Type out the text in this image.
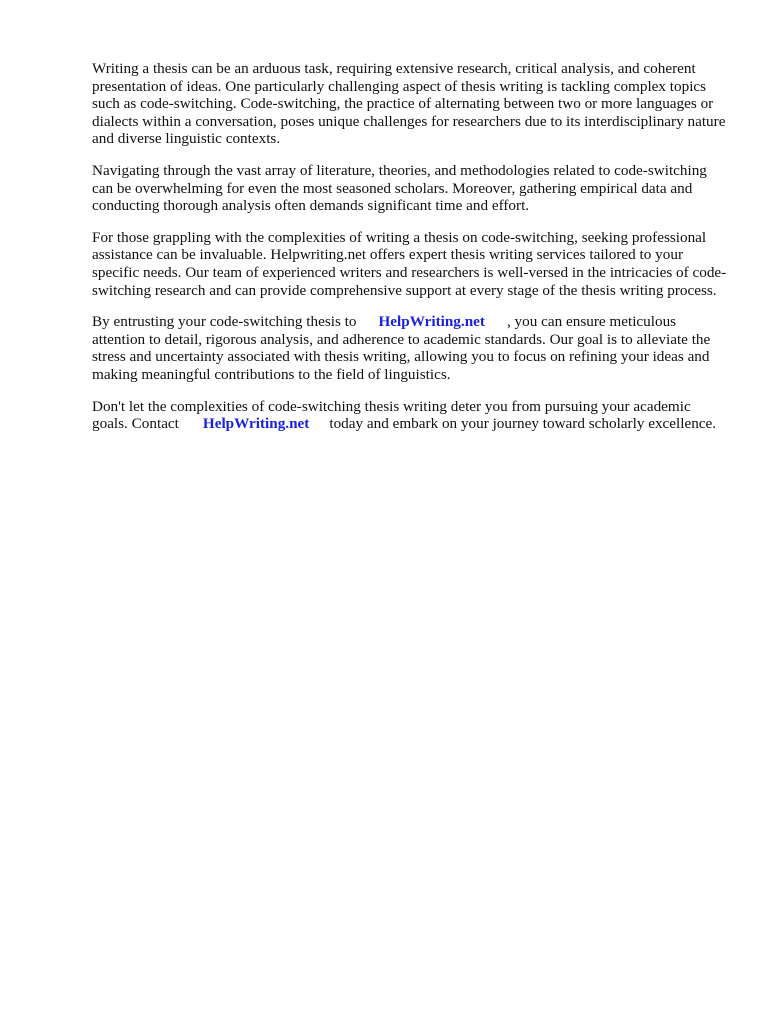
Writing a thesis can be an arduous task, requiring extensive research, critical analysis, and coherent presentation of ideas. One particularly challenging aspect of thesis writing is tackling complex topics such as code-switching. Code-switching, the practice of alternating between two or more languages or dialects within a conversation, poses unique challenges for researchers due to its interdisciplinary nature and diverse linguistic contexts.

Navigating through the vast array of literature, theories, and methodologies related to code-switching can be overwhelming for even the most seasoned scholars. Moreover, gathering empirical data and conducting thorough analysis often demands significant time and effort.

For those grappling with the complexities of writing a thesis on code-switching, seeking professional assistance can be invaluable. Helpwriting.net offers expert thesis writing services tailored to your specific needs. Our team of experienced writers and researchers is well-versed in the intricacies of code-switching research and can provide comprehensive support at every stage of the thesis writing process.

By entrusting your code-switching thesis to HelpWriting.net , you can ensure meticulous attention to detail, rigorous analysis, and adherence to academic standards. Our goal is to alleviate the stress and uncertainty associated with thesis writing, allowing you to focus on refining your ideas and making meaningful contributions to the field of linguistics.

Don't let the complexities of code-switching thesis writing deter you from pursuing your academic goals. Contact HelpWriting.net today and embark on your journey toward scholarly excellence.
